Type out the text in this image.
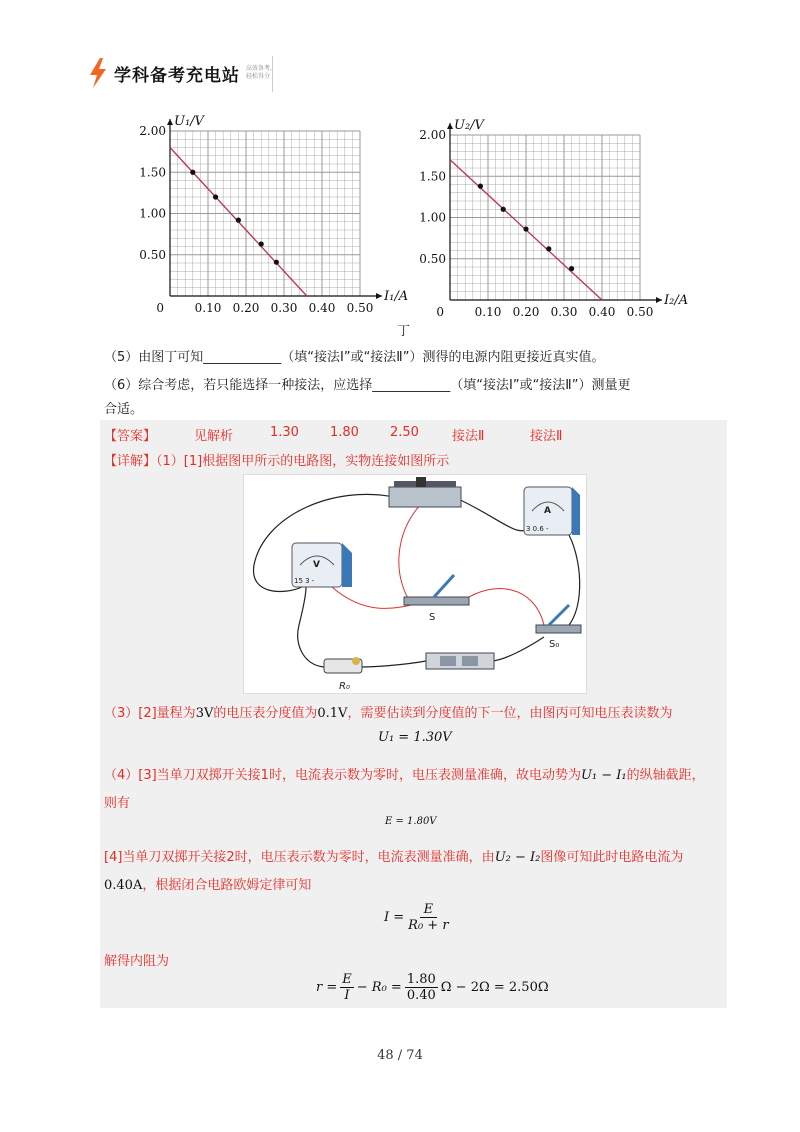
学科备考充电站 高效备考,
轻松得分
0.10 0.20 0.30 0.40 0.50
0.50
1.00
1.50
2.00
0
U₁/V
I₁/A
0.10 0.20 0.30 0.40 0.50
0.50
1.00
1.50
2.00
0
U₂/V
I₂/A
丁
（5）由图丁可知____________（填“接法Ⅰ”或“接法Ⅱ”）测得的电源内阻更接近真实值。
（6）综合考虑，若只能选择一种接法，应选择____________（填“接法Ⅰ”或“接法Ⅱ”）测量更
合适。
【答案】	见解析	1.30	1.80	2.50	接法Ⅱ	接法Ⅱ
【详解】（1）[1]根据图甲所示的电路图，实物连接如图所示
V
15 3 -
A
3 0.6 -
S
S₀
R₀
（3）[2]量程为3V的电压表分度值为0.1V，需要估读到分度值的下一位，由图丙可知电压表读数为
U₁ = 1.30V
（4）[3]当单刀双掷开关接1时，电流表示数为零时，电压表测量准确，故电动势为U₁ − I₁的纵轴截距，
则有
E = 1.80V
[4]当单刀双掷开关接2时，电压表示数为零时，电流表测量准确，由U₂ − I₂图像可知此时电路电流为
0.40A，根据闭合电路欧姆定律可知
$I = \frac{E}{\text{R₀ + r}}$
解得内阻为
$r = \frac{E}{I} - R_0 = \frac{1.80}{0.40}$ Ω − 2Ω = 2.50Ω
48 / 74
